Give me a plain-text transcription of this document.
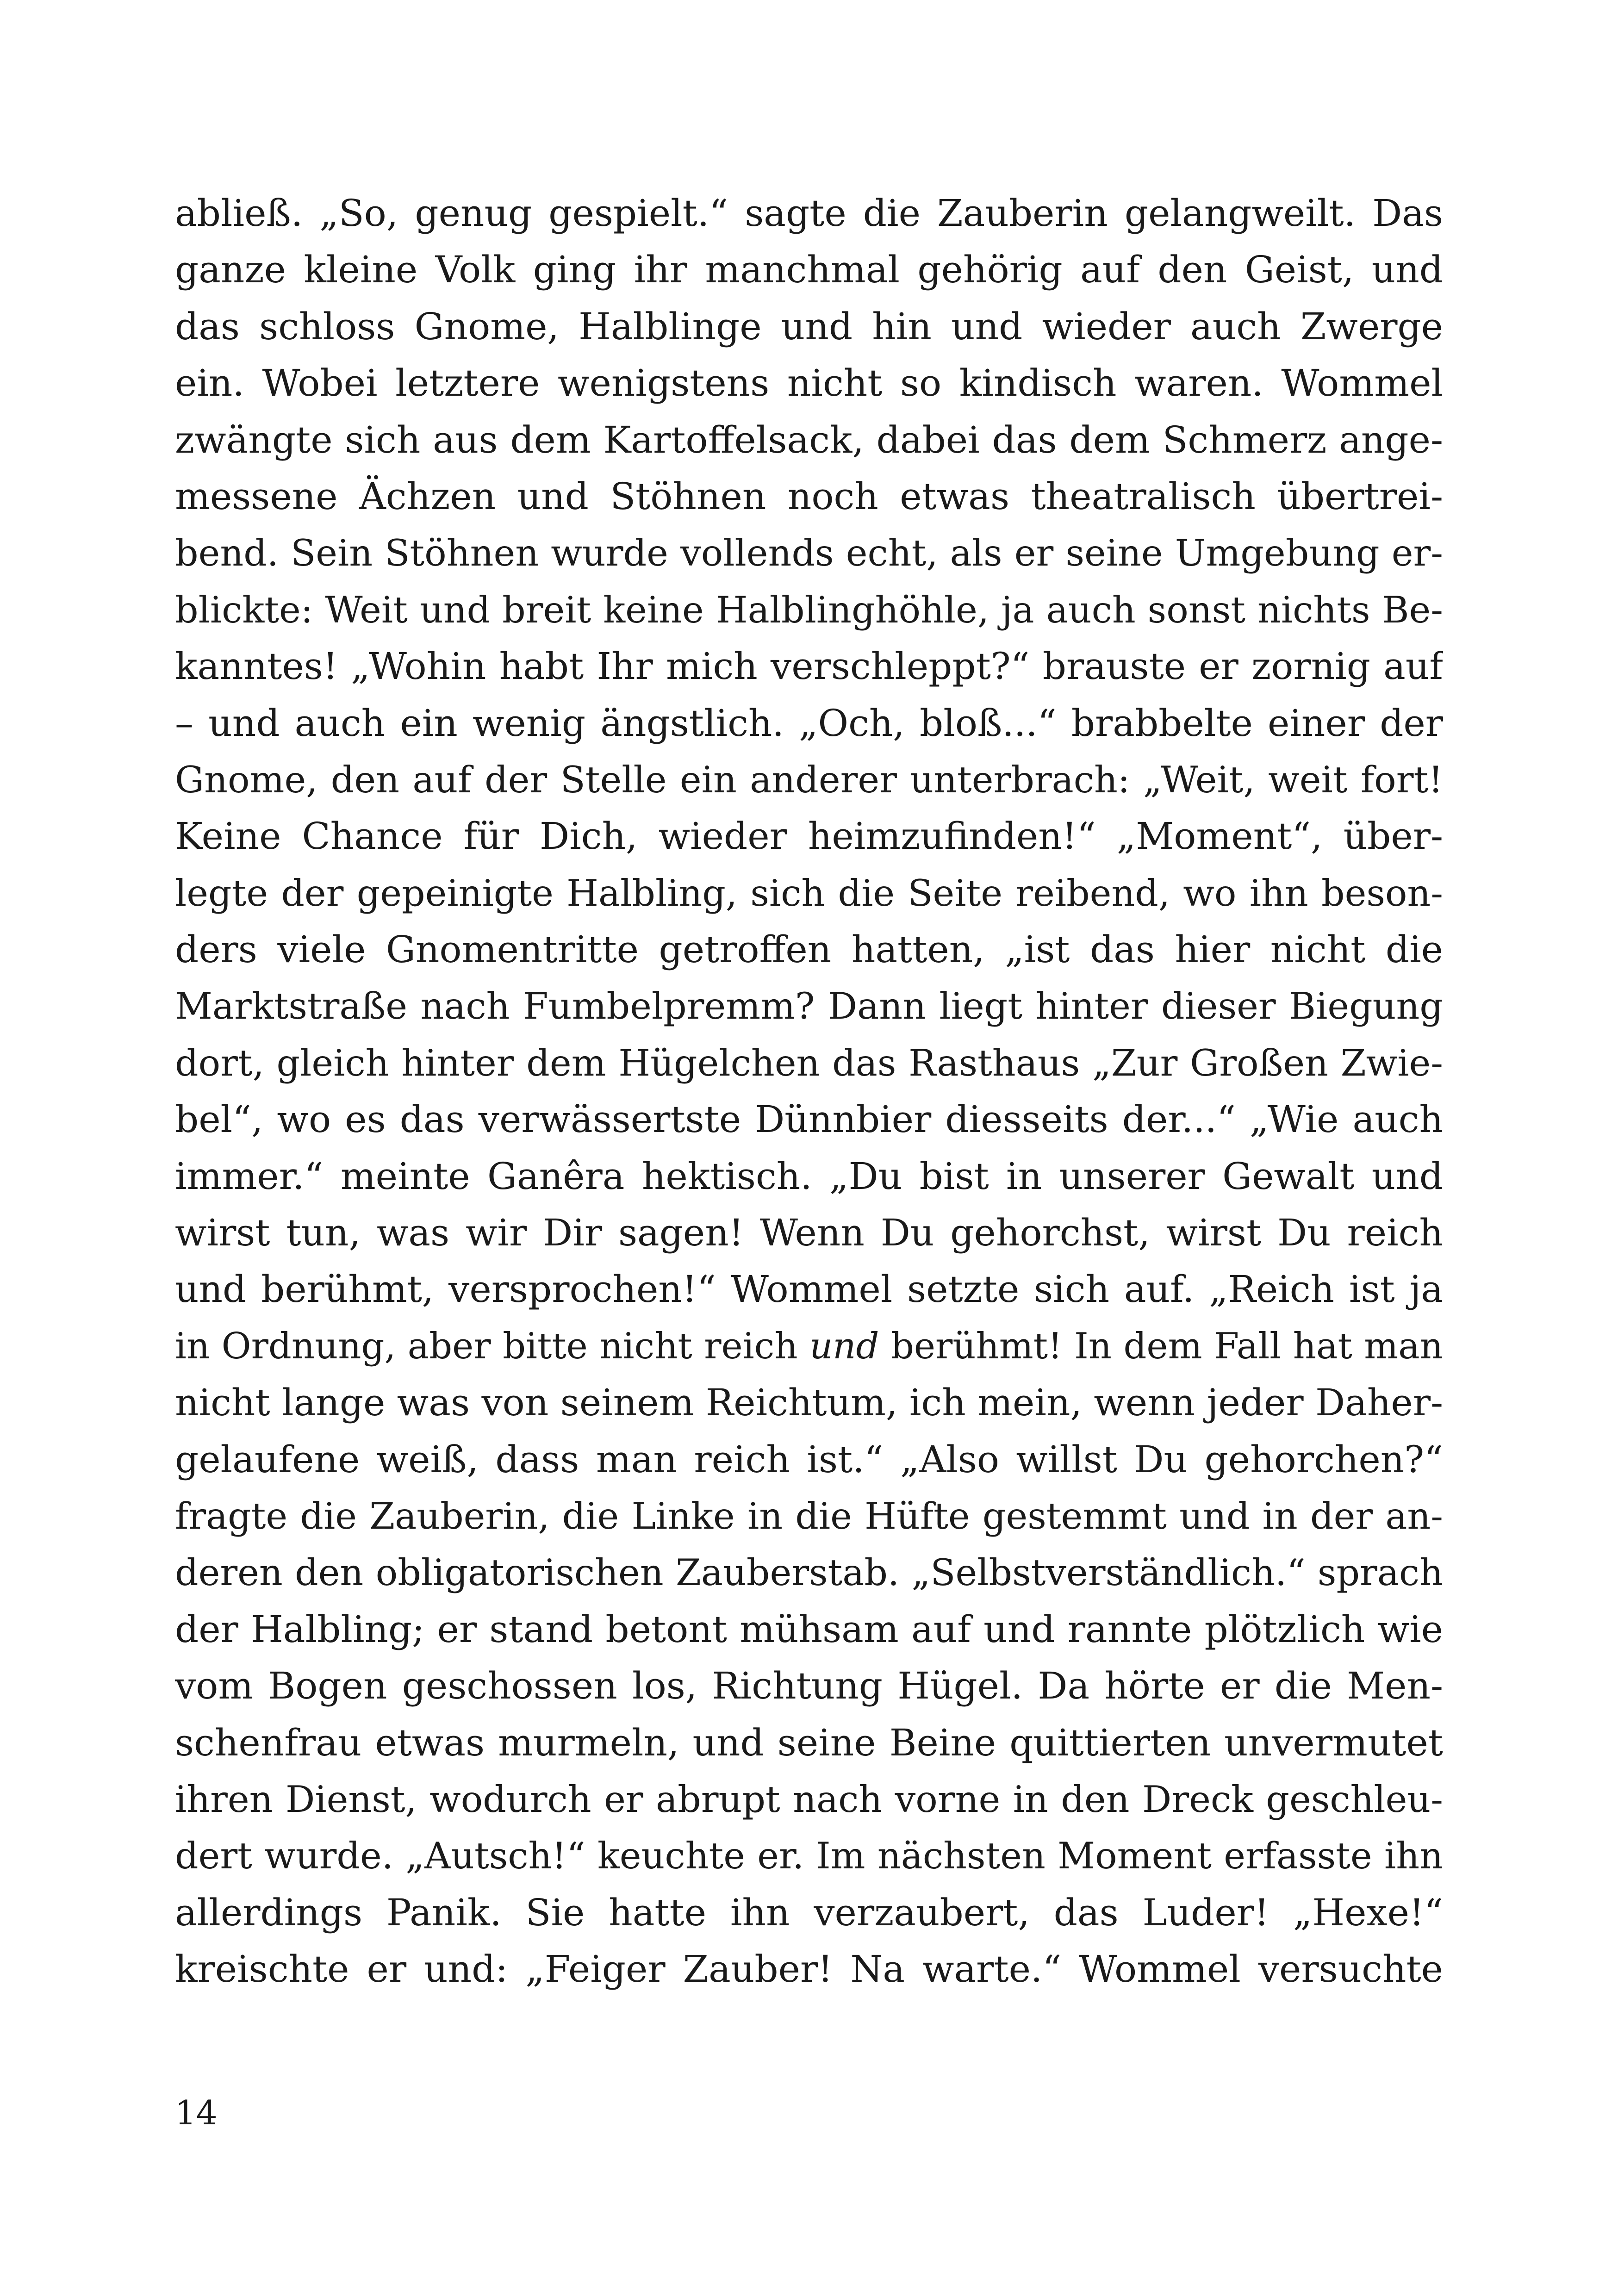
abließ. „So, genug gespielt.“ sagte die Zauberin gelangweilt. Das
ganze kleine Volk ging ihr manchmal gehörig auf den Geist, und
das schloss Gnome, Halblinge und hin und wieder auch Zwerge
ein. Wobei letztere wenigstens nicht so kindisch waren. Wommel
zwängte sich aus dem Kartoffelsack, dabei das dem Schmerz ange-
messene Ächzen und Stöhnen noch etwas theatralisch übertrei-
bend. Sein Stöhnen wurde vollends echt, als er seine Umgebung er-
blickte: Weit und breit keine Halblinghöhle, ja auch sonst nichts Be-
kanntes! „Wohin habt Ihr mich verschleppt?“ brauste er zornig auf
– und auch ein wenig ängstlich. „Och, bloß...“ brabbelte einer der
Gnome, den auf der Stelle ein anderer unterbrach: „Weit, weit fort!
Keine Chance für Dich, wieder heimzufinden!“ „Moment“, über-
legte der gepeinigte Halbling, sich die Seite reibend, wo ihn beson-
ders viele Gnomentritte getroffen hatten, „ist das hier nicht die
Marktstraße nach Fumbelpremm? Dann liegt hinter dieser Biegung
dort, gleich hinter dem Hügelchen das Rasthaus „Zur Großen Zwie-
bel“, wo es das verwässertste Dünnbier diesseits der...“ „Wie auch
immer.“ meinte Ganêra hektisch. „Du bist in unserer Gewalt und
wirst tun, was wir Dir sagen! Wenn Du gehorchst, wirst Du reich
und berühmt, versprochen!“ Wommel setzte sich auf. „Reich ist ja
in Ordnung, aber bitte nicht reich und berühmt! In dem Fall hat man
nicht lange was von seinem Reichtum, ich mein, wenn jeder Daher-
gelaufene weiß, dass man reich ist.“ „Also willst Du gehorchen?“
fragte die Zauberin, die Linke in die Hüfte gestemmt und in der an-
deren den obligatorischen Zauberstab. „Selbstverständlich.“ sprach
der Halbling; er stand betont mühsam auf und rannte plötzlich wie
vom Bogen geschossen los, Richtung Hügel. Da hörte er die Men-
schenfrau etwas murmeln, und seine Beine quittierten unvermutet
ihren Dienst, wodurch er abrupt nach vorne in den Dreck geschleu-
dert wurde. „Autsch!“ keuchte er. Im nächsten Moment erfasste ihn
allerdings Panik. Sie hatte ihn verzaubert, das Luder! „Hexe!“
kreischte er und: „Feiger Zauber! Na warte.“ Wommel versuchte
14
